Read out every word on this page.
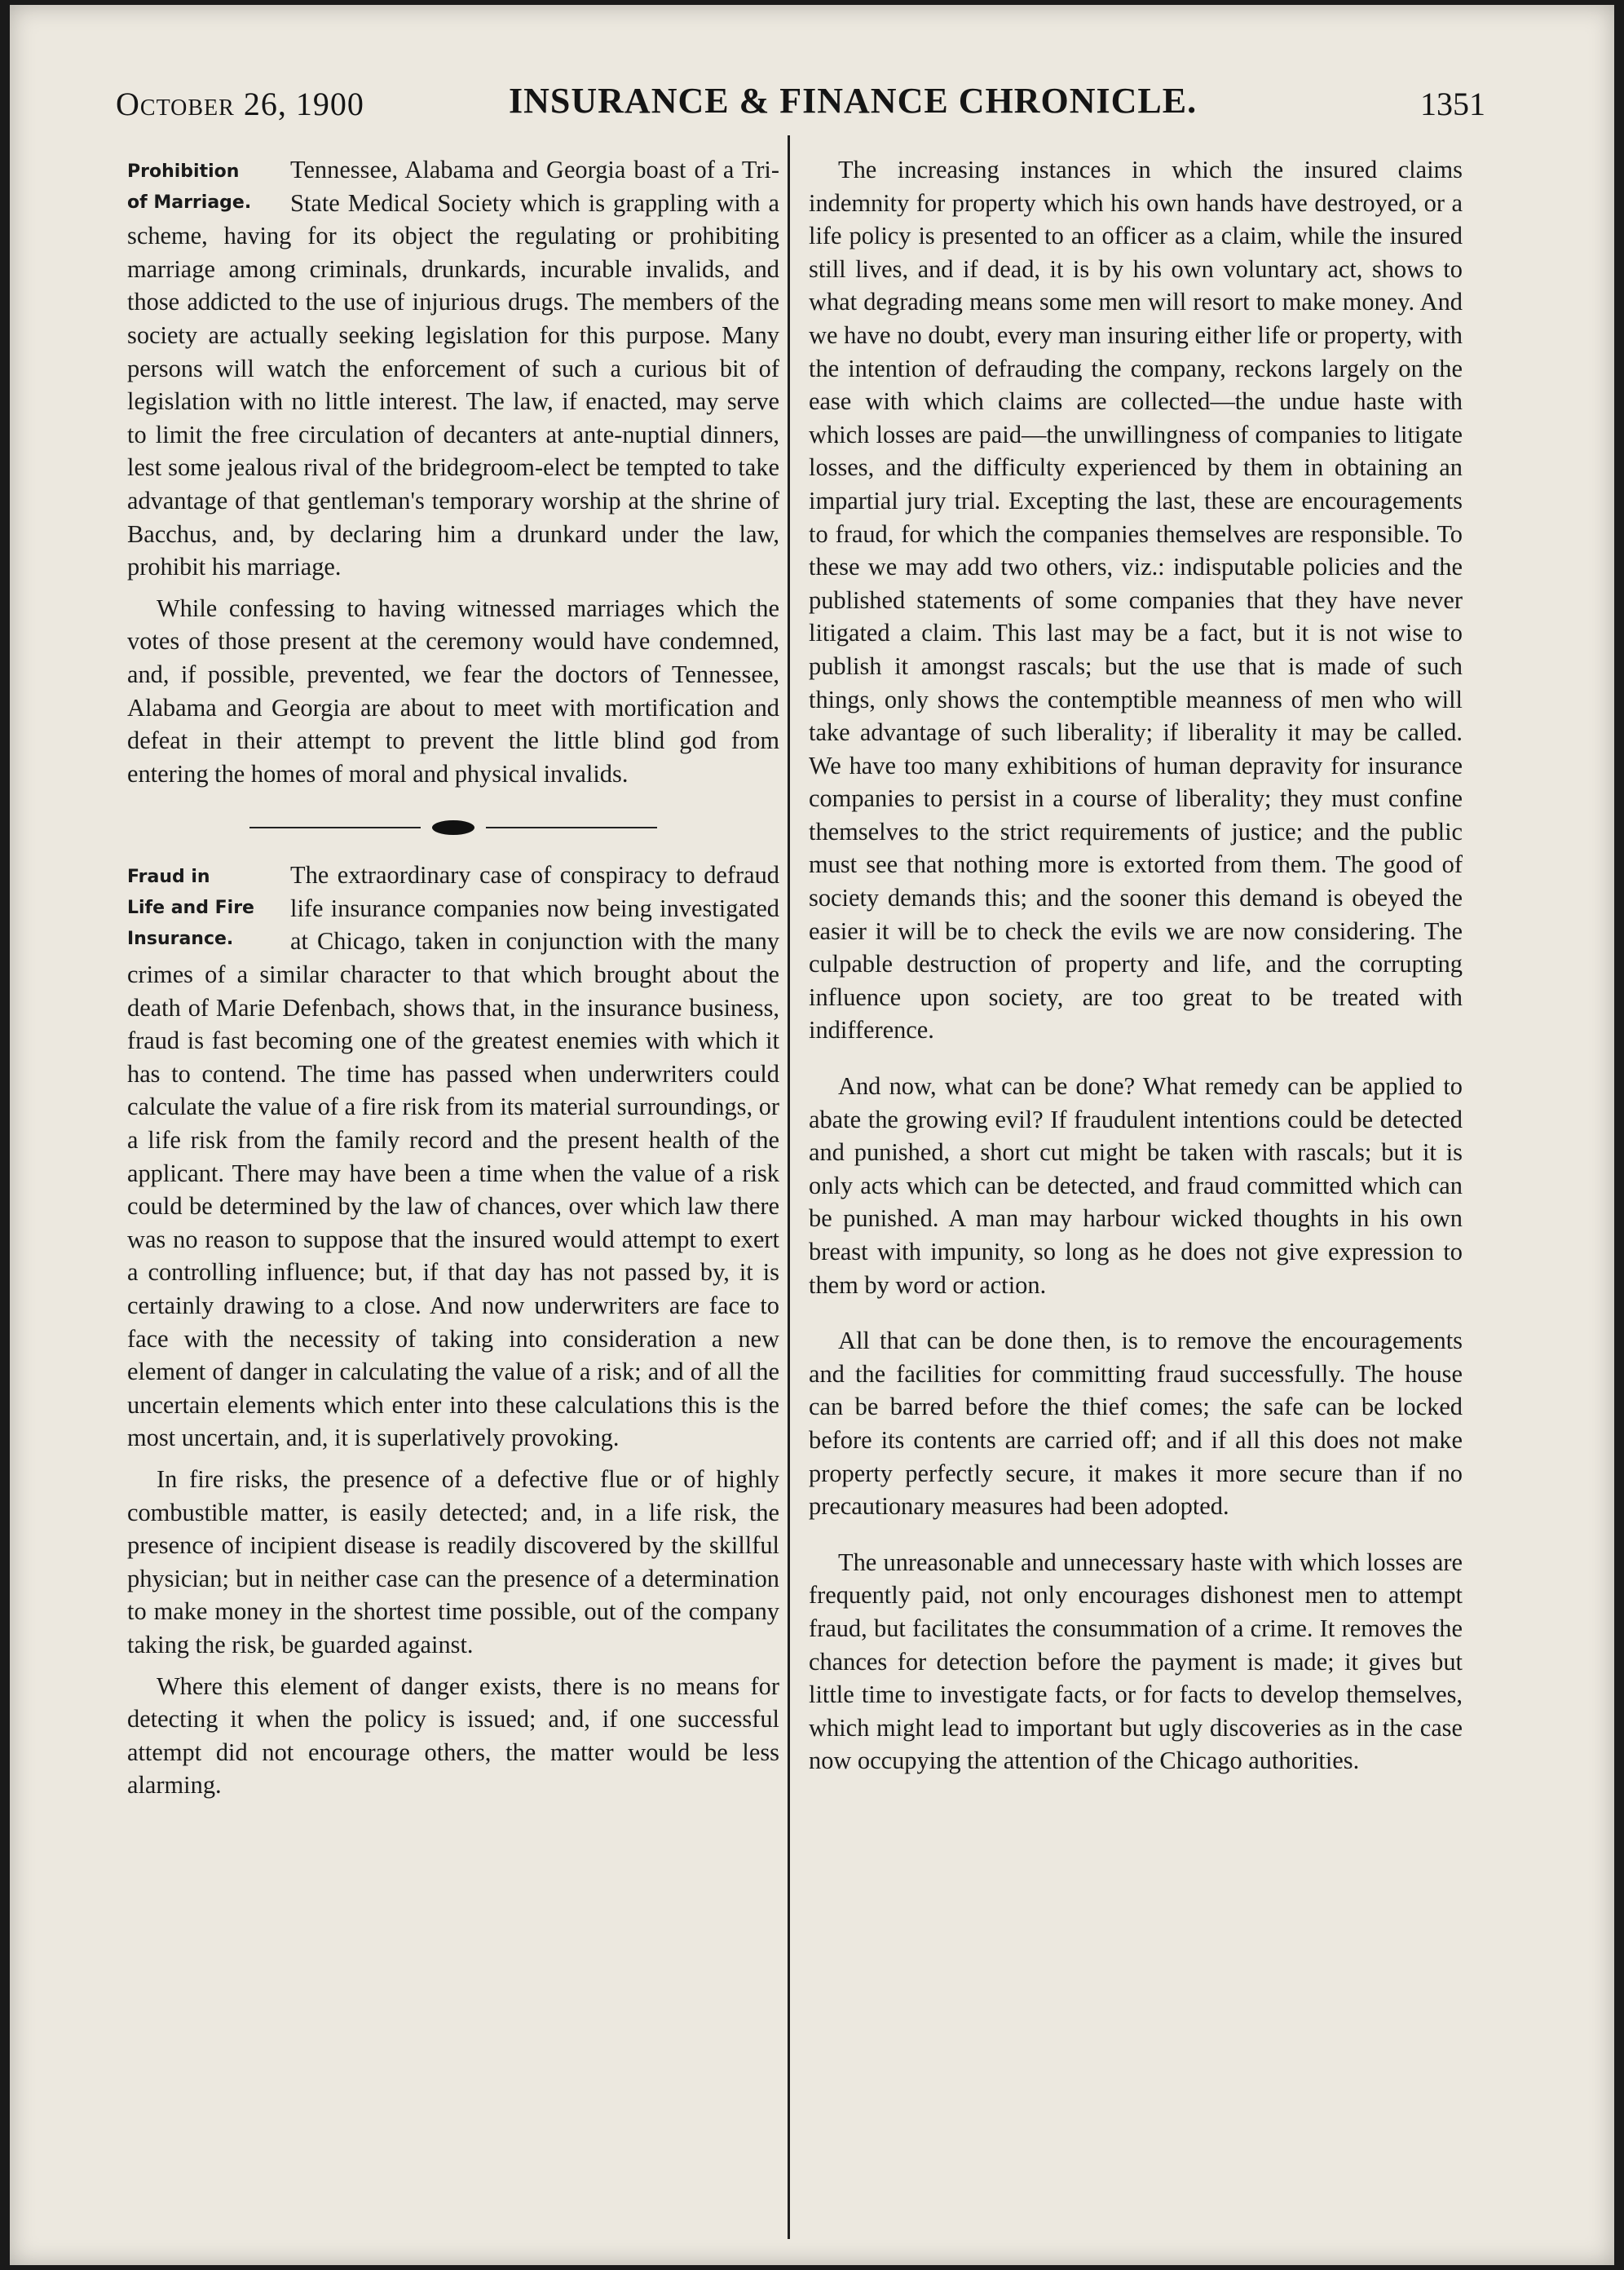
October 26, 1900	INSURANCE & FINANCE CHRONICLE.	1351

Prohibition
of Marriage.
Tennessee, Alabama and Georgia boast of a Tri-State Medical Society which is grappling with a scheme, having for its object the regulating or prohibiting marriage among criminals, drunkards, incurable invalids, and those addicted to the use of injurious drugs. The members of the society are actually seeking legislation for this purpose. Many persons will watch the enforcement of such a curious bit of legislation with no little interest. The law, if enacted, may serve to limit the free circulation of decanters at ante-nuptial dinners, lest some jealous rival of the bridegroom-elect be tempted to take advantage of that gentleman's temporary worship at the shrine of Bacchus, and, by declaring him a drunkard under the law, prohibit his marriage.

While confessing to having witnessed marriages which the votes of those present at the ceremony would have condemned, and, if possible, prevented, we fear the doctors of Tennessee, Alabama and Georgia are about to meet with mortification and defeat in their attempt to prevent the little blind god from entering the homes of moral and physical invalids.

Fraud in
Life and Fire
Insurance.
The extraordinary case of conspiracy to defraud life insurance companies now being investigated at Chicago, taken in conjunction with the many crimes of a similar character to that which brought about the death of Marie Defenbach, shows that, in the insurance business, fraud is fast becoming one of the greatest enemies with which it has to contend. The time has passed when underwriters could calculate the value of a fire risk from its material surroundings, or a life risk from the family record and the present health of the applicant. There may have been a time when the value of a risk could be determined by the law of chances, over which law there was no reason to suppose that the insured would attempt to exert a controlling influence; but, if that day has not passed by, it is certainly drawing to a close. And now underwriters are face to face with the necessity of taking into consideration a new element of danger in calculating the value of a risk; and of all the uncertain elements which enter into these calculations this is the most uncertain, and, it is superlatively provoking.

In fire risks, the presence of a defective flue or of highly combustible matter, is easily detected; and, in a life risk, the presence of incipient disease is readily discovered by the skillful physician; but in neither case can the presence of a determination to make money in the shortest time possible, out of the company taking the risk, be guarded against.

Where this element of danger exists, there is no means for detecting it when the policy is issued; and, if one successful attempt did not encourage others, the matter would be less alarming.

The increasing instances in which the insured claims indemnity for property which his own hands have destroyed, or a life policy is presented to an officer as a claim, while the insured still lives, and if dead, it is by his own voluntary act, shows to what degrading means some men will resort to make money. And we have no doubt, every man insuring either life or property, with the intention of defrauding the company, reckons largely on the ease with which claims are collected—the undue haste with which losses are paid—the unwillingness of companies to litigate losses, and the difficulty experienced by them in obtaining an impartial jury trial. Excepting the last, these are encouragements to fraud, for which the companies themselves are responsible. To these we may add two others, viz.: indisputable policies and the published statements of some companies that they have never litigated a claim. This last may be a fact, but it is not wise to publish it amongst rascals; but the use that is made of such things, only shows the contemptible meanness of men who will take advantage of such liberality; if liberality it may be called. We have too many exhibitions of human depravity for insurance companies to persist in a course of liberality; they must confine themselves to the strict requirements of justice; and the public must see that nothing more is extorted from them. The good of society demands this; and the sooner this demand is obeyed the easier it will be to check the evils we are now considering. The culpable destruction of property and life, and the corrupting influence upon society, are too great to be treated with indifference.

And now, what can be done? What remedy can be applied to abate the growing evil? If fraudulent intentions could be detected and punished, a short cut might be taken with rascals; but it is only acts which can be detected, and fraud committed which can be punished. A man may harbour wicked thoughts in his own breast with impunity, so long as he does not give expression to them by word or action.

All that can be done then, is to remove the encouragements and the facilities for committing fraud successfully. The house can be barred before the thief comes; the safe can be locked before its contents are carried off; and if all this does not make property perfectly secure, it makes it more secure than if no precautionary measures had been adopted.

The unreasonable and unnecessary haste with which losses are frequently paid, not only encourages dishonest men to attempt fraud, but facilitates the consummation of a crime. It removes the chances for detection before the payment is made; it gives but little time to investigate facts, or for facts to develop themselves, which might lead to important but ugly discoveries as in the case now occupying the attention of the Chicago authorities.
